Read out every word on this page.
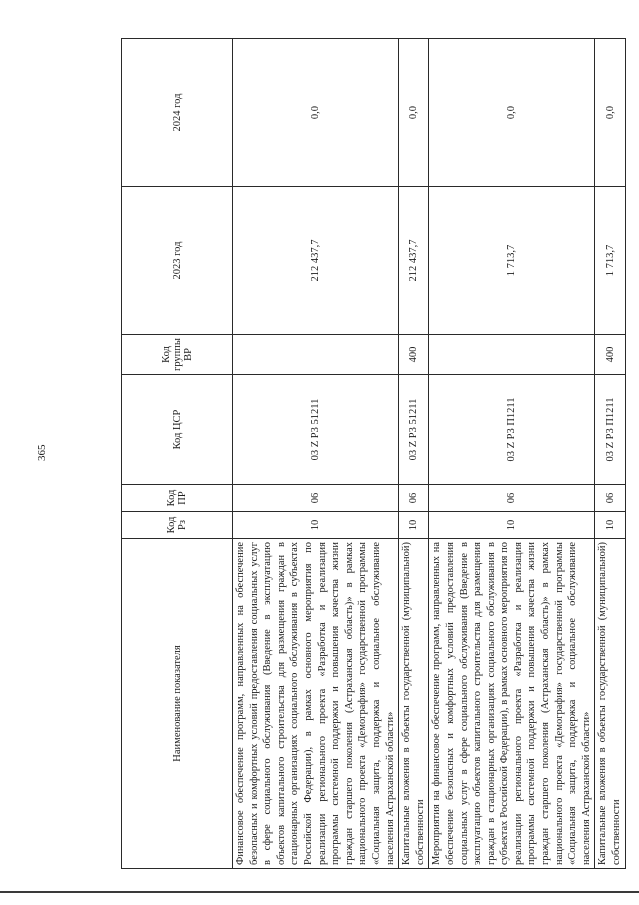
365
Наименование показателя	Код Рз	Код ПР	Код ЦСР	Код группы ВР	2023 год	2024 год
Финансовое обеспечение программ, направленных на обеспечение безопасных и комфортных условий предоставления социальных услуг в сфере социального обслуживания (Введение в эксплуатацию объектов капитального строительства для размещения граждан в стационарных организациях социального обслуживания в субъектах Российской Федерации), в рамках основного мероприятия по реализации регионального проекта «Разработка и реализация программы системной поддержки и повышения качества жизни граждан старшего поколения (Астраханская область)» в рамках национального проекта «Демография» государственной программы «Социальная защита, поддержка и социальное обслуживание населения Астраханской области»	10	06	03 Z P3 51211		212 437,7	0,0
Капитальные вложения в объекты государственной (муниципальной) собственности	10	06	03 Z P3 51211	400	212 437,7	0,0
Мероприятия на финансовое обеспечение программ, направленных на обеспечение безопасных и комфортных условий предоставления социальных услуг в сфере социального обслуживания (Введение в эксплуатацию объектов капитального строительства для размещения граждан в стационарных организациях социального обслуживания в субъектах Российской Федерации), в рамках основного мероприятия по реализации регионального проекта «Разработка и реализация программы системной поддержки и повышения качества жизни граждан старшего поколения (Астраханская область)» в рамках национального проекта «Демография» государственной программы «Социальная защита, поддержка и социальное обслуживание населения Астраханской области»	10	06	03 Z P3 П1211		1 713,7	0,0
Капитальные вложения в объекты государственной (муниципальной) собственности	10	06	03 Z P3 П1211	400	1 713,7	0,0
